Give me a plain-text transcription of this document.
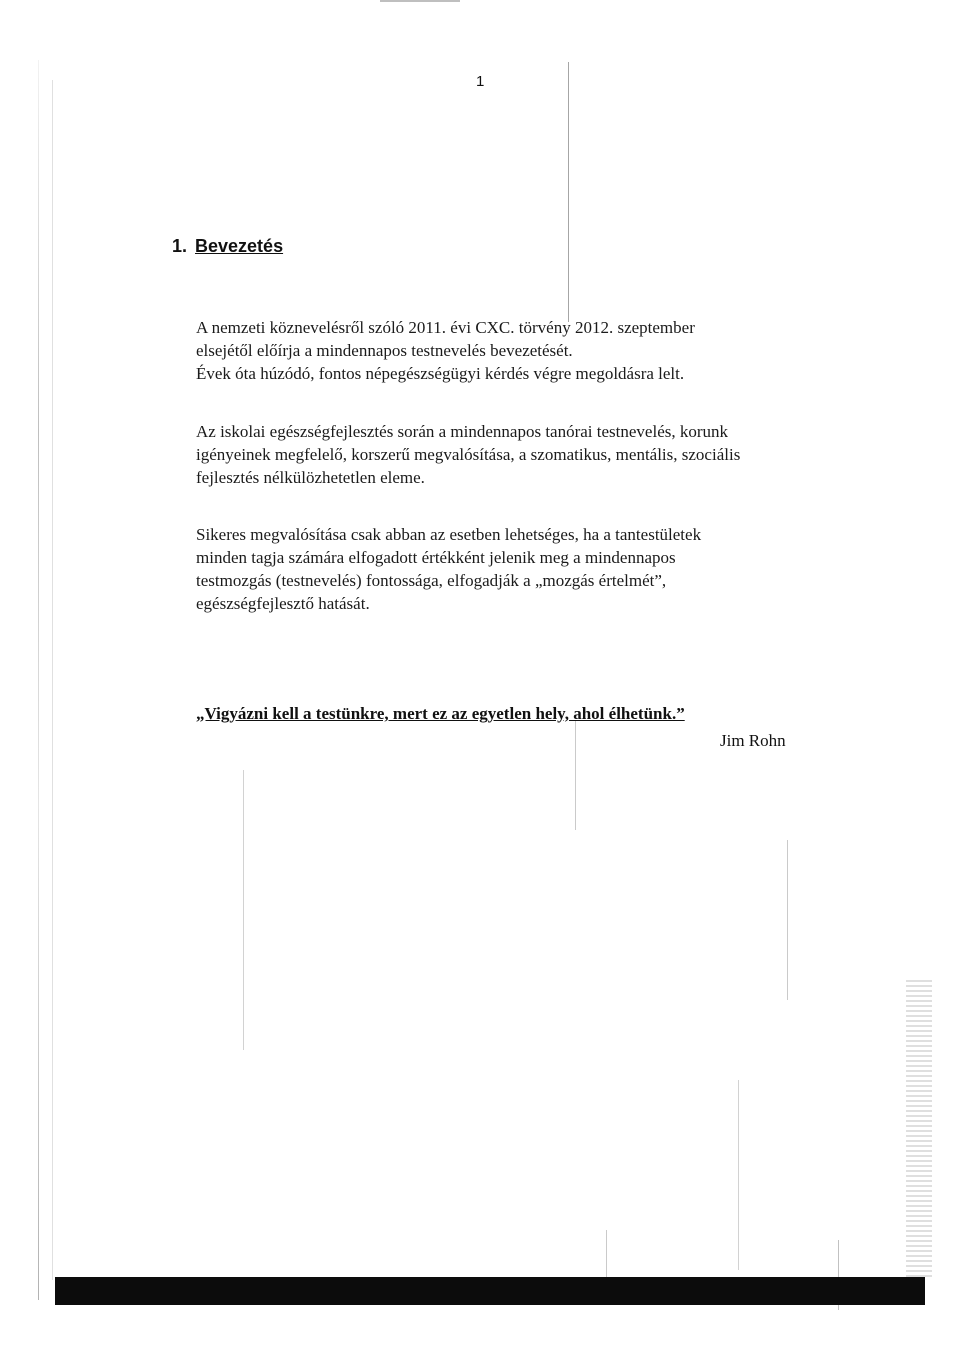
1
1. Bevezetés

A nemzeti köznevelésről szóló 2011. évi CXC. törvény 2012. szeptember

elsejétől előírja a mindennapos testnevelés bevezetését.

Évek óta húzódó, fontos népegészségügyi kérdés végre megoldásra lelt.

Az iskolai egészségfejlesztés során a mindennapos tanórai testnevelés, korunk

igényeinek megfelelő, korszerű megvalósítása, a szomatikus, mentális, szociális

fejlesztés nélkülözhetetlen eleme.

Sikeres megvalósítása csak abban az esetben lehetséges, ha a tantestületek

minden tagja számára elfogadott értékként jelenik meg a mindennapos

testmozgás (testnevelés) fontossága, elfogadják a „mozgás értelmét”,

egészségfejlesztő hatását.

„Vigyázni kell a testünkre, mert ez az egyetlen hely, ahol élhetünk.”
Jim Rohn
